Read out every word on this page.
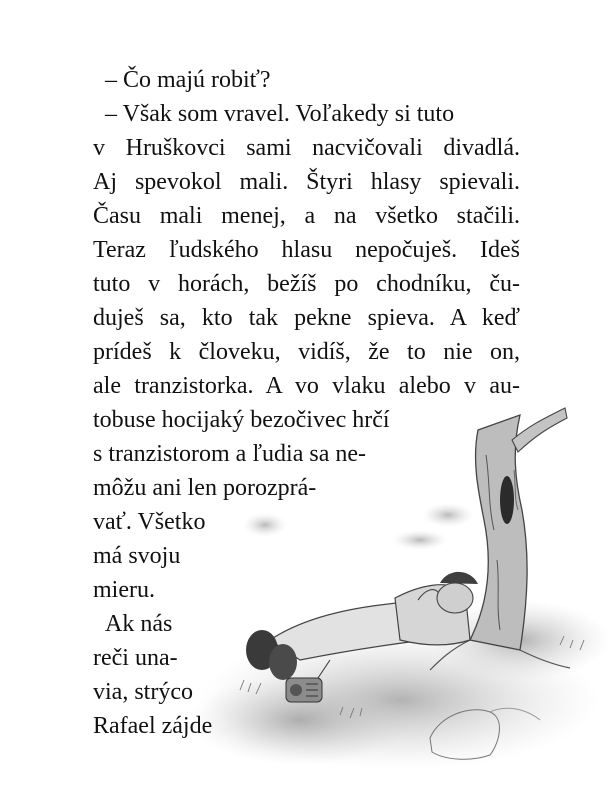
– Čo majú robiť?
– Však som vravel. Voľakedy si tuto
v Hruškovci sami nacvičovali divadlá.
Aj spevokol mali. Štyri hlasy spievali.
Času mali menej, a na všetko stačili.
Teraz ľudského hlasu nepočuješ. Ideš
tuto v horách, bežíš po chodníku, ču-
duješ sa, kto tak pekne spieva. A keď
prídeš k človeku, vidíš, že to nie on,
ale tranzistorka. A vo vlaku alebo v au-
tobuse hocijaký bezočivec hrčí
s tranzistorom a ľudia sa ne-
môžu ani len porozprá-
vať. Všetko
má svoju
mieru.
Ak nás
reči una-
via, strýco
Rafael zájde
